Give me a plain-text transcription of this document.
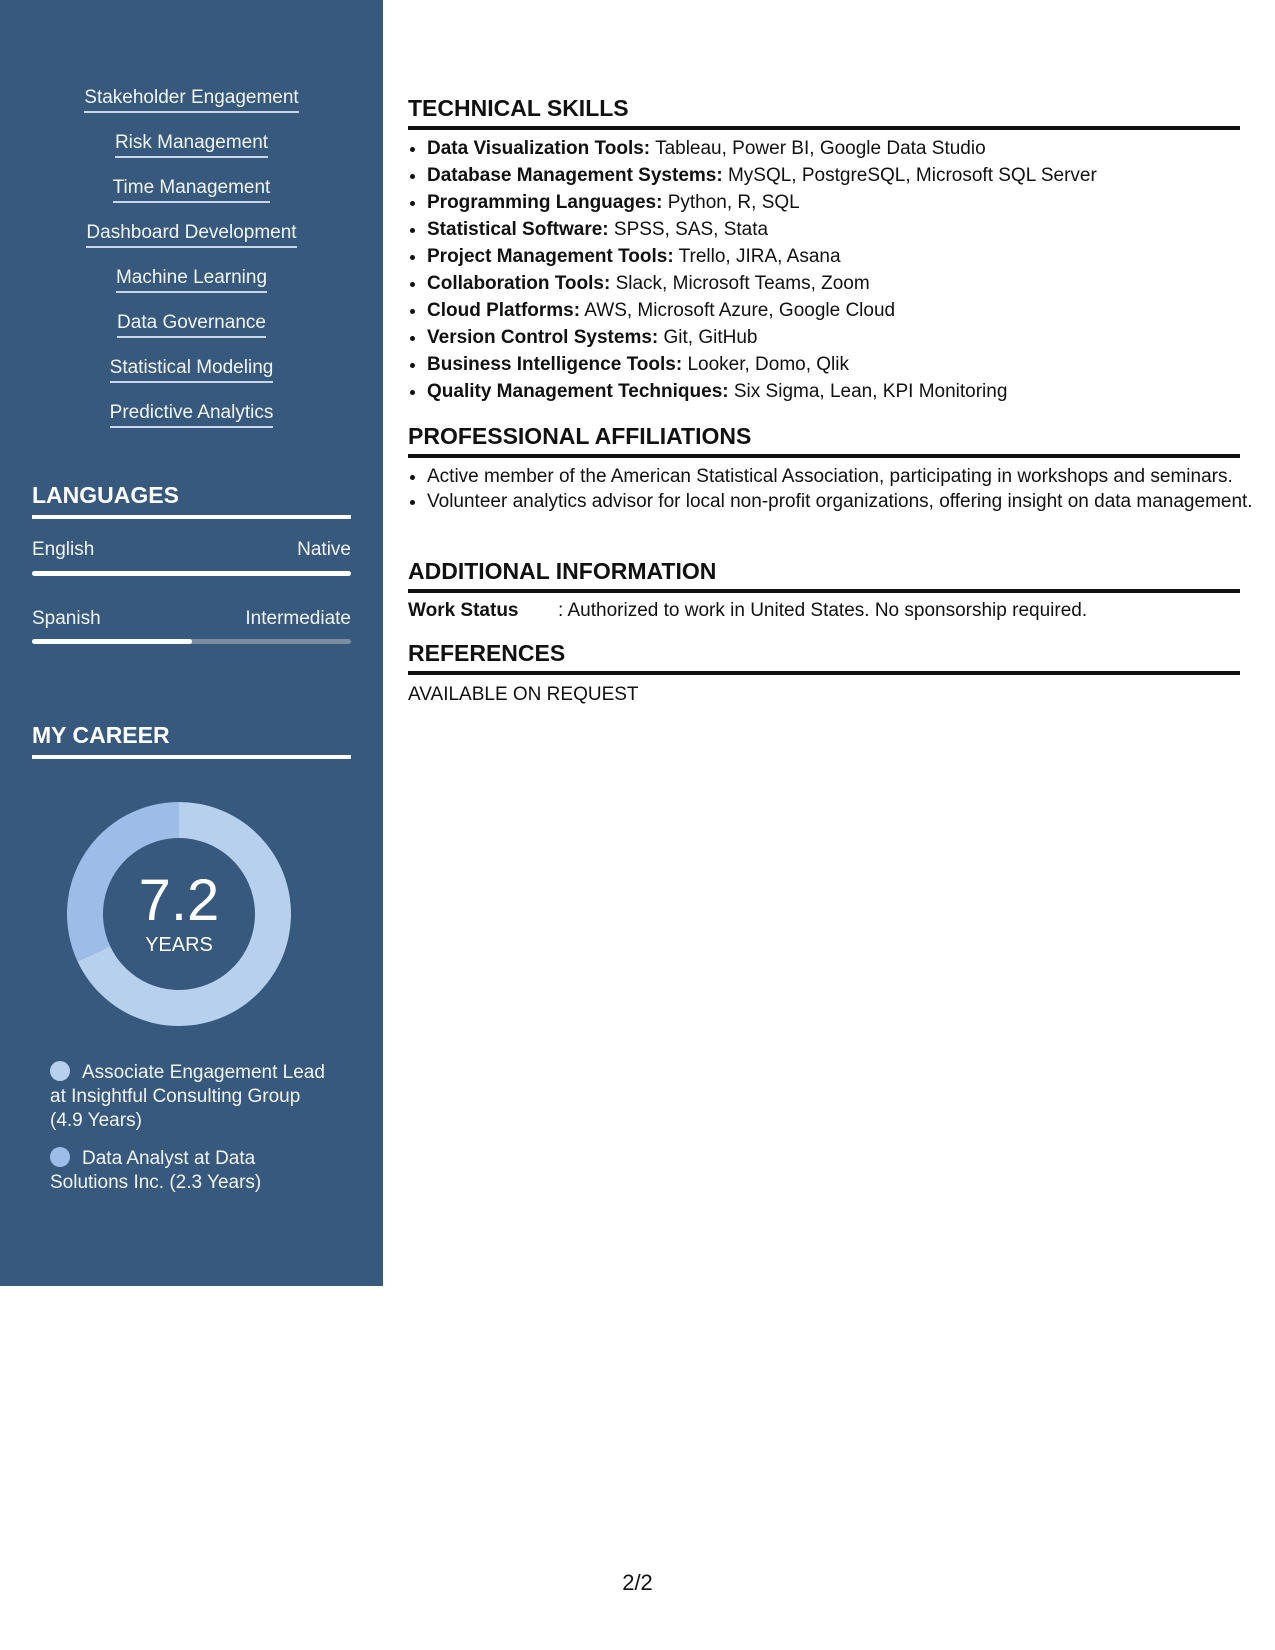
Stakeholder Engagement
Risk Management
Time Management
Dashboard Development
Machine Learning
Data Governance
Statistical Modeling
Predictive Analytics
LANGUAGES
English	Native
Spanish	Intermediate
MY CAREER
7.2
YEARS
Associate Engagement Lead at Insightful Consulting Group (4.9 Years)
Data Analyst at Data Solutions Inc. (2.3 Years)
TECHNICAL SKILLS
• Data Visualization Tools: Tableau, Power BI, Google Data Studio
• Database Management Systems: MySQL, PostgreSQL, Microsoft SQL Server
• Programming Languages: Python, R, SQL
• Statistical Software: SPSS, SAS, Stata
• Project Management Tools: Trello, JIRA, Asana
• Collaboration Tools: Slack, Microsoft Teams, Zoom
• Cloud Platforms: AWS, Microsoft Azure, Google Cloud
• Version Control Systems: Git, GitHub
• Business Intelligence Tools: Looker, Domo, Qlik
• Quality Management Techniques: Six Sigma, Lean, KPI Monitoring
PROFESSIONAL AFFILIATIONS
• Active member of the American Statistical Association, participating in workshops and seminars.
• Volunteer analytics advisor for local non-profit organizations, offering insight on data management.
ADDITIONAL INFORMATION
Work Status : Authorized to work in United States. No sponsorship required.
REFERENCES
AVAILABLE ON REQUEST
2/2
